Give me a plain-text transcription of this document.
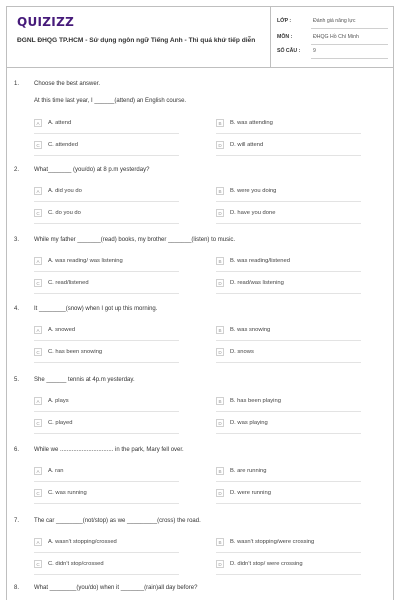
QUIZIZZ
ĐGNL ĐHQG TP.HCM - Sử dụng ngôn ngữ Tiếng Anh - Thì quá khứ tiếp diễn
LỚP :	Đánh giá năng lực
MÔN :	ĐHQG Hồ Chí Minh
SỐ CÂU : 9
1. Choose the best answer.
At this time last year, I ______(attend) an English course.
A	A. attend	B	B. was attending
C	C. attended	D	D. will attend
2. What_______ (you/do) at 8 p.m yesterday?
A	A. did you do	B	B. were you doing
C	C. do you do	D	D. have you done
3. While my father _______(read) books, my brother _______(listen) to music.
A	A. was reading/ was listening	B	B. was reading/listened
C	C. read/listened	D	D. read/was listening
4. It ________(snow) when I got up this morning.
A	A. snowed	B	B. was snowing
C	C. has been snowing	D	D. snows
5. She ______ tennis at 4p.m yesterday.
A	A. plays	B	B. has been playing
C	C. played	D	D. was playing
6. While we ................................ in the park, Mary fell over.
A	A. ran	B	B. are running
C	C. was running	D	D. were running
7. The car ________(not/stop) as we _________(cross) the road.
A	A. wasn't stopping/crossed	B	B. wasn't stopping/were crossing
C	C. didn't stop/crossed	D	D. didn't stop/ were crossing
8. What ________(you/do) when it _______(rain)all day before?
